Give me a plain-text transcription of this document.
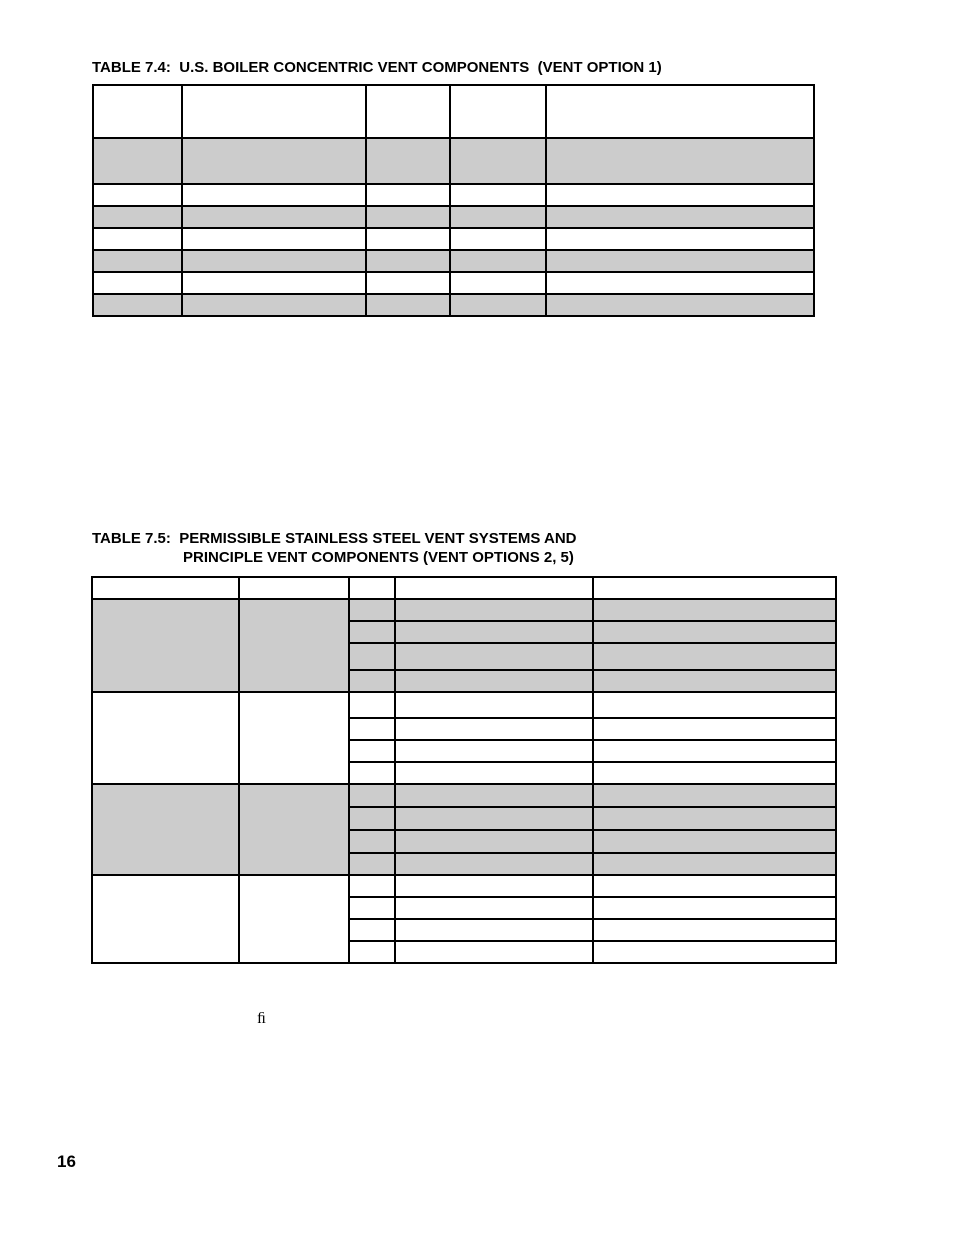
TABLE 7.4:  U.S. BOILER CONCENTRIC VENT COMPONENTS  (VENT OPTION 1)

TABLE 7.5:  PERMISSIBLE STAINLESS STEEL VENT SYSTEMS AND
PRINCIPLE VENT COMPONENTS (VENT OPTIONS 2, 5)

ﬁ
16
